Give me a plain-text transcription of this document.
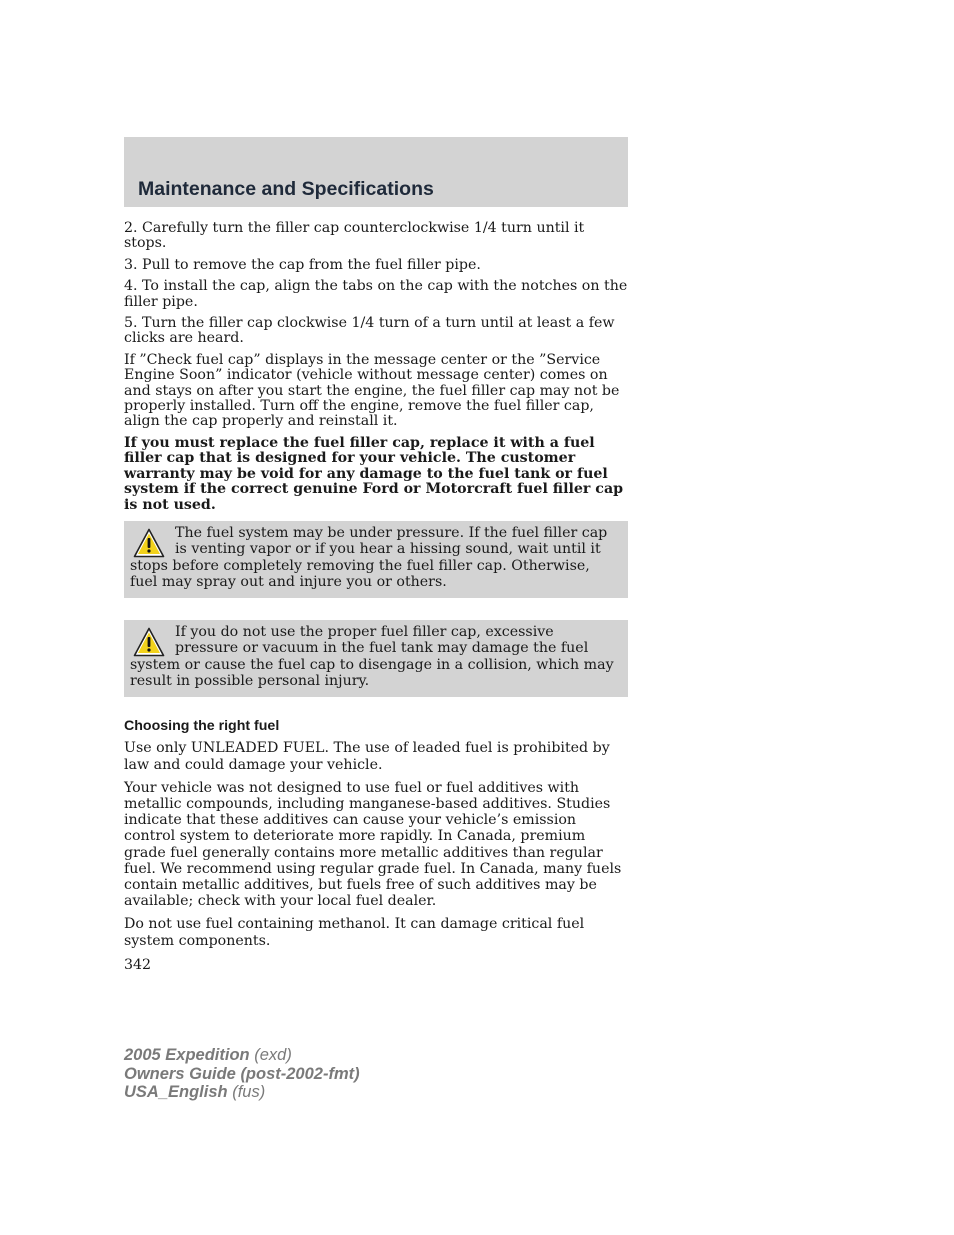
Maintenance and Specifications

2. Carefully turn the filler cap counterclockwise 1/4 turn until it stops.

3. Pull to remove the cap from the fuel filler pipe.

4. To install the cap, align the tabs on the cap with the notches on the filler pipe.

5. Turn the filler cap clockwise 1/4 turn of a turn until at least a few clicks are heard.

If ”Check fuel cap” displays in the message center or the ”Service Engine Soon” indicator (vehicle without message center) comes on and stays on after you start the engine, the fuel filler cap may not be properly installed. Turn off the engine, remove the fuel filler cap, align the cap properly and reinstall it.

If you must replace the fuel filler cap, replace it with a fuel filler cap that is designed for your vehicle. The customer warranty may be void for any damage to the fuel tank or fuel system if the correct genuine Ford or Motorcraft fuel filler cap is not used.

The fuel system may be under pressure. If the fuel filler cap is venting vapor or if you hear a hissing sound, wait until it stops before completely removing the fuel filler cap. Otherwise, fuel may spray out and injure you or others.
If you do not use the proper fuel filler cap, excessive pressure or vacuum in the fuel tank may damage the fuel system or cause the fuel cap to disengage in a collision, which may result in possible personal injury.
Choosing the right fuel

Use only UNLEADED FUEL. The use of leaded fuel is prohibited by law and could damage your vehicle.

Your vehicle was not designed to use fuel or fuel additives with metallic compounds, including manganese-based additives. Studies indicate that these additives can cause your vehicle’s emission control system to deteriorate more rapidly. In Canada, premium grade fuel generally contains more metallic additives than regular fuel. We recommend using regular grade fuel. In Canada, many fuels contain metallic additives, but fuels free of such additives may be available; check with your local fuel dealer.

Do not use fuel containing methanol. It can damage critical fuel system components.

342
2005 Expedition (exd)
Owners Guide (post-2002-fmt)
USA_English (fus)
